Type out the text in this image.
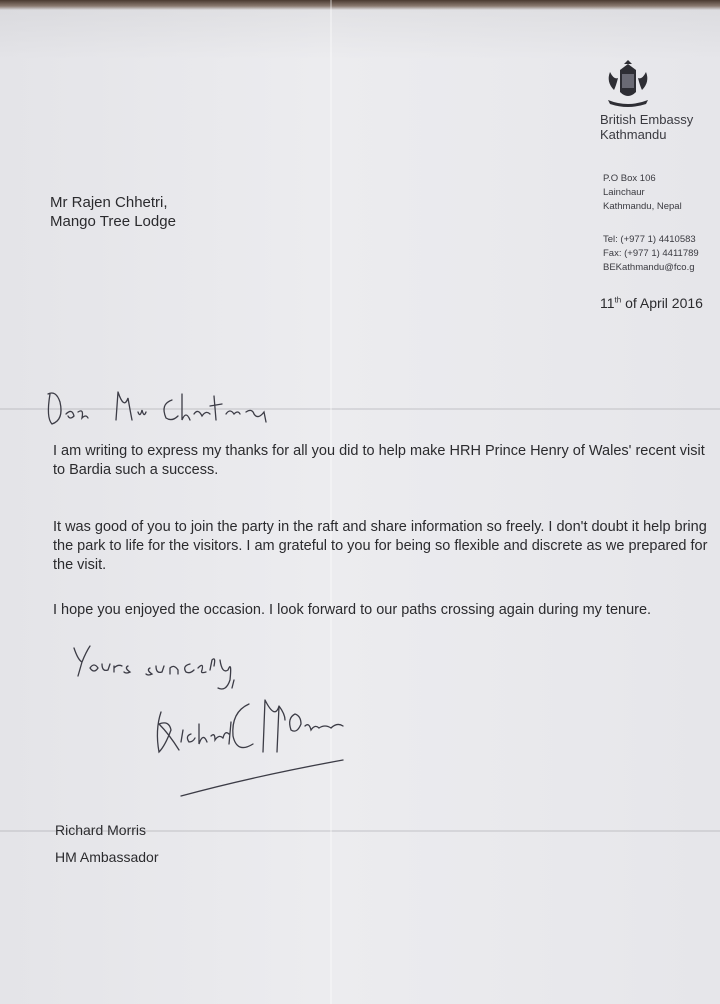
British Embassy
Kathmandu
P.O Box 106
Lainchaur
Kathmandu, Nepal
Tel: (+977 1) 4410583
Fax: (+977 1) 4411789
BEKathmandu@fco.g
11th of April 2016
Mr Rajen Chhetri,
Mango Tree Lodge
I am writing to express my thanks for all you did to help make HRH Prince Henry of Wales' recent visit to Bardia such a success.
It was good of you to join the party in the raft and share information so freely. I don't doubt it help bring the park to life for the visitors. I am grateful to you for being so flexible and discrete as we prepared for the visit.
I hope you enjoyed the occasion. I look forward to our paths crossing again during my tenure.
Richard Morris
HM Ambassador
